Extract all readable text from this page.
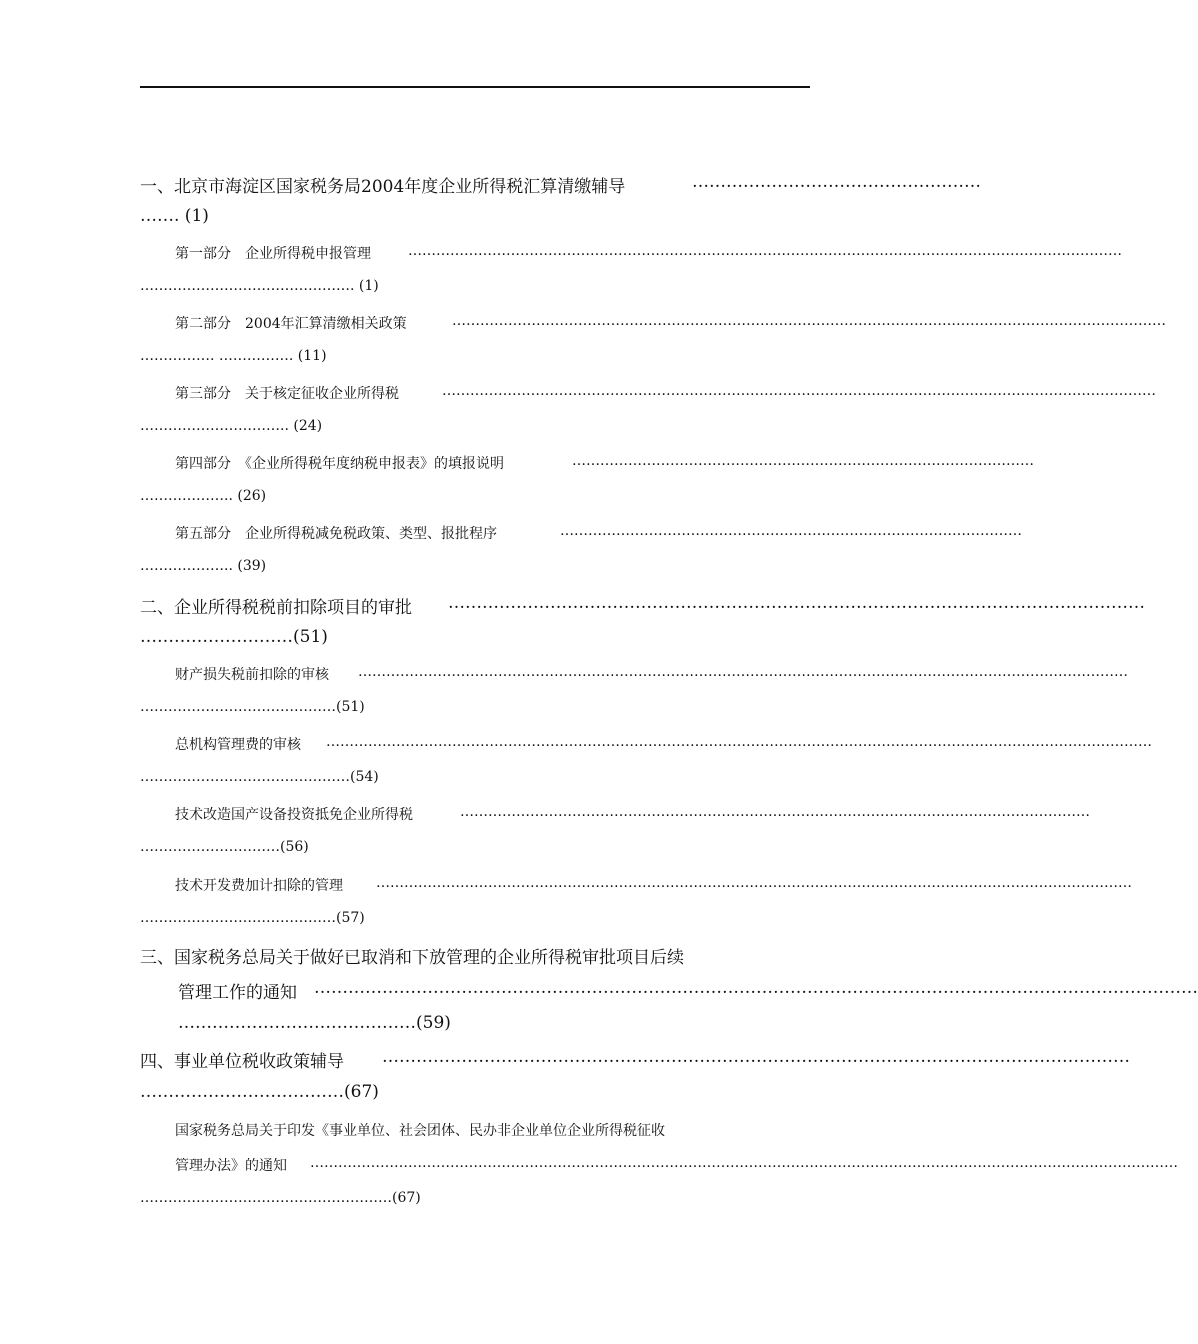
一、北京市海淀区国家税务局2004年度企业所得税汇算清缴辅导	……………………………………………
……. (1)
第一部分　企业所得税申报管理	………………………………………………………………………………………………………………………………………
………………………………………. (1)
第二部分　2004年汇算清缴相关政策	………………………………………………………………………………………………………………………………………
……………. ……………. (11)
第三部分　关于核定征收企业所得税	………………………………………………………………………………………………………………………………………
………………………….. (24)
第四部分　《企业所得税年度纳税申报表》的填报说明	………………………………………………………………………………………
……………….. (26)
第五部分　企业所得税减免税政策、类型、报批程序	………………………………………………………………………………………
……………….. (39)
二、企业所得税税前扣除项目的审批 ……………………………………………………………………………………………………………
………………………(51)
财产损失税前扣除的审核 …………………………………………………………………………………………………………………………………………………
……………………………………(51)
总机构管理费的审核 ……………………………………………………………………………………………………………………………………………………………
………………………………………(54)
技术改造国产设备投资抵免企业所得税	………………………………………………………………………………………………………………………
…………………………(56)
技术开发费加计扣除的管理 ………………………………………………………………………………………………………………………………………………
……………………………………(57)
三、国家税务总局关于做好已取消和下放管理的企业所得税审批项目后续
管理工作的通知 …………………………………………………………………………………………………………………………………………
……………………………………(59)
四、事业单位税收政策辅导 ……………………………………………………………………………………………………………………
………………………………(67)
国家税务总局关于印发《事业单位、社会团体、民办非企业单位企业所得税征收
管理办法》的通知 ……………………………………………………………………………………………………………………………………………………………………
………………………………………………(67)
